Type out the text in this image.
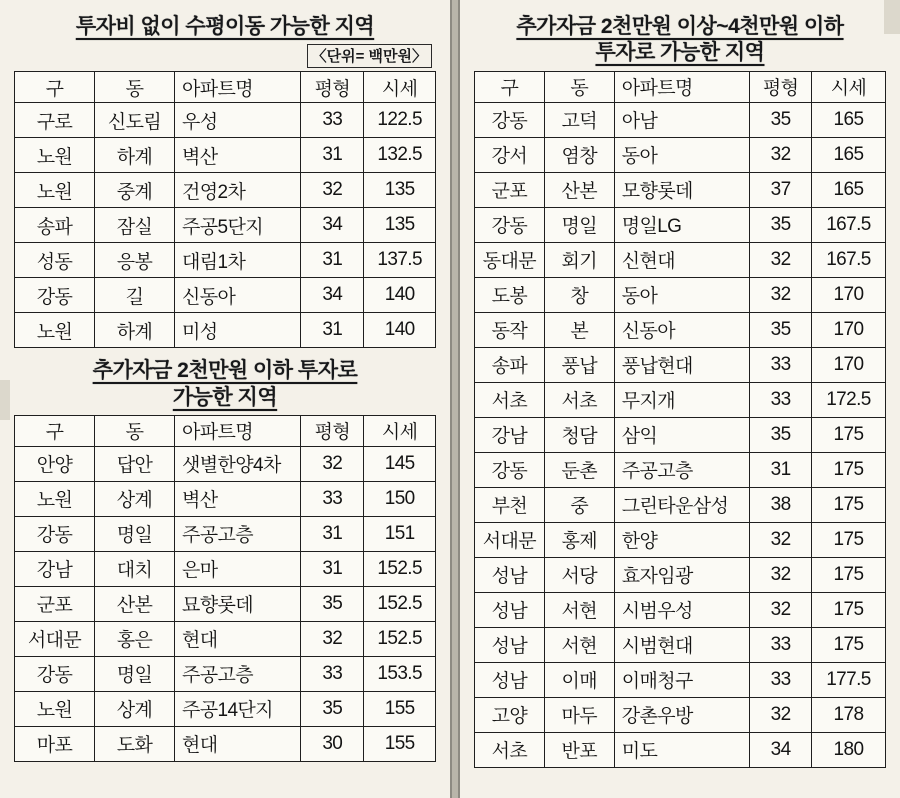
투자비 없이 수평이동 가능한 지역
〈단위= 백만원〉
구	동	아파트명	평형	시세
구로	신도림	우성	33	122.5
노원	하계	벽산	31	132.5
노원	중계	건영2차	32	135
송파	잠실	주공5단지	34	135
성동	응봉	대림1차	31	137.5
강동	길	신동아	34	140
노원	하계	미성	31	140
추가자금 2천만원 이하 투자로
가능한 지역
구	동	아파트명	평형	시세
안양	답안	샛별한양4차	32	145
노원	상계	벽산	33	150
강동	명일	주공고층	31	151
강남	대치	은마	31	152.5
군포	산본	묘향롯데	35	152.5
서대문	홍은	현대	32	152.5
강동	명일	주공고층	33	153.5
노원	상계	주공14단지	35	155
마포	도화	현대	30	155
추가자금 2천만원 이상~4천만원 이하
투자로 가능한 지역
구	동	아파트명	평형	시세
강동	고덕	아남	35	165
강서	염창	동아	32	165
군포	산본	모향롯데	37	165
강동	명일	명일LG	35	167.5
동대문	회기	신현대	32	167.5
도봉	창	동아	32	170
동작	본	신동아	35	170
송파	풍납	풍납현대	33	170
서초	서초	무지개	33	172.5
강남	청담	삼익	35	175
강동	둔촌	주공고층	31	175
부천	중	그린타운삼성	38	175
서대문	홍제	한양	32	175
성남	서당	효자임광	32	175
성남	서현	시범우성	32	175
성남	서현	시범현대	33	175
성남	이매	이매청구	33	177.5
고양	마두	강촌우방	32	178
서초	반포	미도	34	180
